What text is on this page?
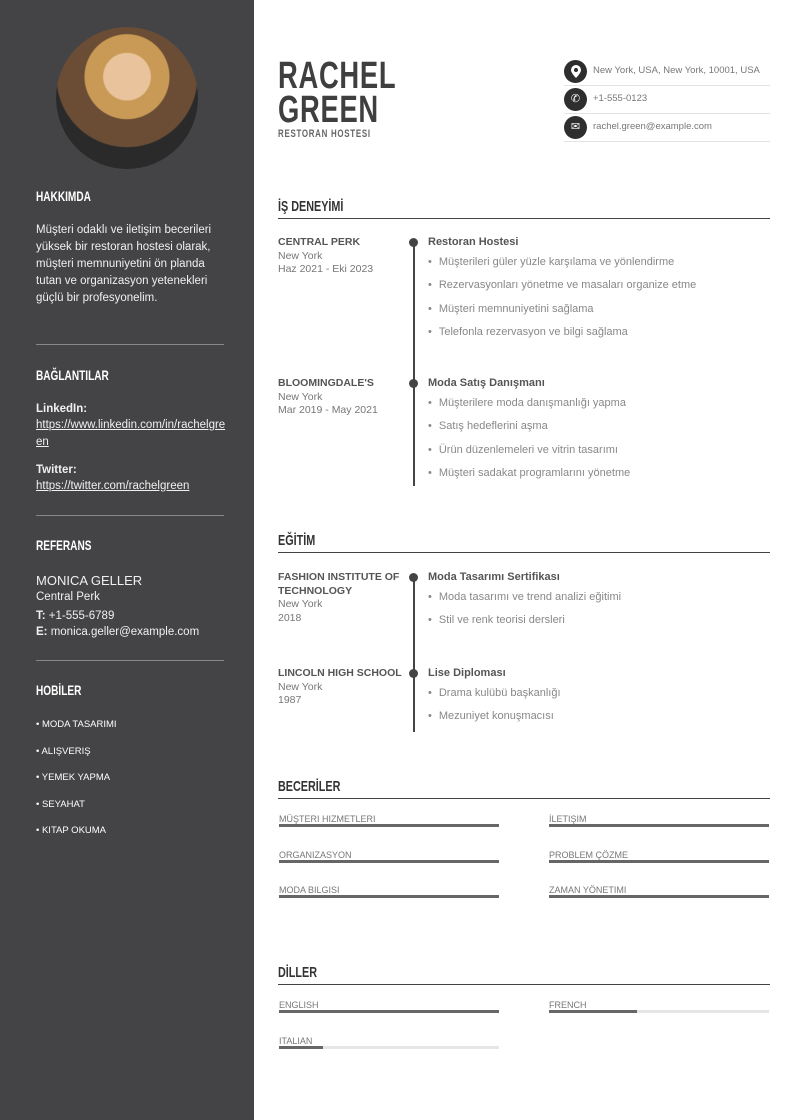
HAKKIMDA
Müşteri odaklı ve iletişim becerileri yüksek bir restoran hostesi olarak, müşteri memnuniyetini ön planda tutan ve organizasyon yetenekleri güçlü bir profesyonelim.
BAĞLANTILAR
LinkedIn:
https://www.linkedin.com/in/rachelgreen
Twitter:
https://twitter.com/rachelgreen
REFERANS
MONICA GELLER
Central Perk
T: +1-555-6789
E: monica.geller@example.com
HOBİLER
• MODA TASARIMI
• ALIŞVERIŞ
• YEMEK YAPMA
• SEYAHAT
• KITAP OKUMA
RACHEL
GREEN
RESTORAN HOSTESI
New York, USA, New York, 10001, USA
✆	+1-555-0123
✉	rachel.green@example.com
İŞ DENEYİMİ
CENTRAL PERK
New York
Haz 2021 - Eki 2023
Restoran Hostesi
• Müşterileri güler yüzle karşılama ve yönlendirme
• Rezervasyonları yönetme ve masaları organize etme
• Müşteri memnuniyetini sağlama
• Telefonla rezervasyon ve bilgi sağlama
BLOOMINGDALE'S
New York
Mar 2019 - May 2021
Moda Satış Danışmanı
• Müşterilere moda danışmanlığı yapma
• Satış hedeflerini aşma
• Ürün düzenlemeleri ve vitrin tasarımı
• Müşteri sadakat programlarını yönetme
EĞİTİM
FASHION INSTITUTE OF TECHNOLOGY
New York
2018
Moda Tasarımı Sertifikası
• Moda tasarımı ve trend analizi eğitimi
• Stil ve renk teorisi dersleri
LINCOLN HIGH SCHOOL
New York
1987
Lise Diploması
• Drama kulübü başkanlığı
• Mezuniyet konuşmacısı
BECERİLER
MÜŞTERI HIZMETLERI	İLETIŞIM
ORGANIZASYON	PROBLEM ÇÖZME
MODA BILGISI	ZAMAN YÖNETIMI
DİLLER
ENGLISH	FRENCH
ITALIAN
